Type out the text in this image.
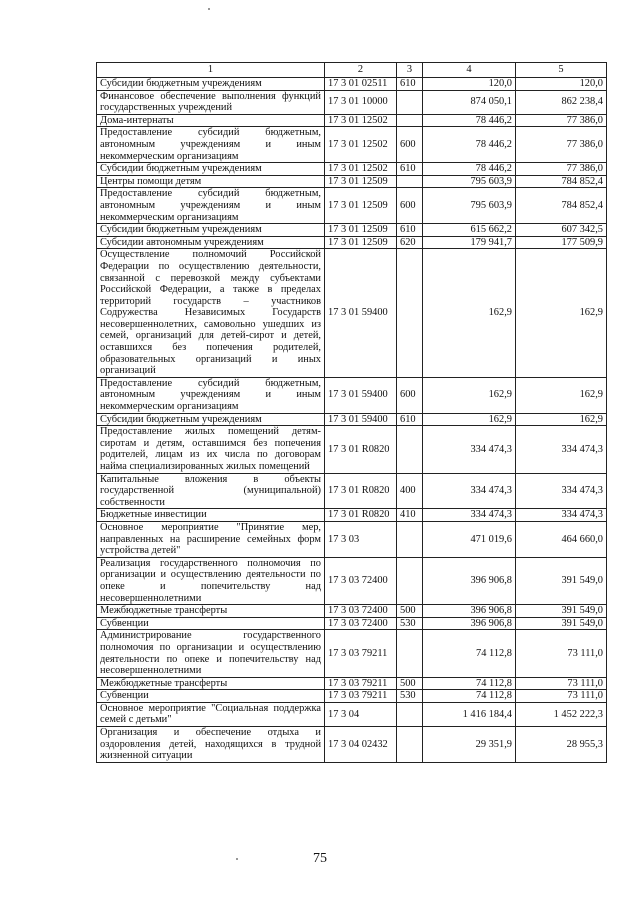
1	2	3	4	5
Субсидии бюджетным учреждениям	17 3 01 02511	610	120,0	120,0
Финансовое обеспечение выполнения функций государственных учреждений	17 3 01 10000		874 050,1	862 238,4
Дома-интернаты	17 3 01 12502		78 446,2	77 386,0
Предоставление субсидий бюджетным, автономным учреждениям и иным некоммерческим организациям	17 3 01 12502	600	78 446,2	77 386,0
Субсидии бюджетным учреждениям	17 3 01 12502	610	78 446,2	77 386,0
Центры помощи детям	17 3 01 12509		795 603,9	784 852,4
Предоставление субсидий бюджетным, автономным учреждениям и иным некоммерческим организациям	17 3 01 12509	600	795 603,9	784 852,4
Субсидии бюджетным учреждениям	17 3 01 12509	610	615 662,2	607 342,5
Субсидии автономным учреждениям	17 3 01 12509	620	179 941,7	177 509,9
Осуществление полномочий Российской Федерации по осуществлению деятельности, связанной с перевозкой между субъектами Российской Федерации, а также в пределах территорий государств – участников Содружества Независимых Государств несовершеннолетних, самовольно ушедших из семей, организаций для детей-сирот и детей, оставшихся без попечения родителей, образовательных организаций и иных организаций	17 3 01 59400		162,9	162,9
Предоставление субсидий бюджетным, автономным учреждениям и иным некоммерческим организациям	17 3 01 59400	600	162,9	162,9
Субсидии бюджетным учреждениям	17 3 01 59400	610	162,9	162,9
Предоставление жилых помещений детям-сиротам и детям, оставшимся без попечения родителей, лицам из их числа по договорам найма специализированных жилых помещений	17 3 01 R0820		334 474,3	334 474,3
Капитальные вложения в объекты государственной (муниципальной) собственности	17 3 01 R0820	400	334 474,3	334 474,3
Бюджетные инвестиции	17 3 01 R0820	410	334 474,3	334 474,3
Основное мероприятие "Принятие мер, направленных на расширение семейных форм устройства детей"	17 3 03		471 019,6	464 660,0
Реализация государственного полномочия по организации и осуществлению деятельности по опеке и попечительству над несовершеннолетними	17 3 03 72400		396 906,8	391 549,0
Межбюджетные трансферты	17 3 03 72400	500	396 906,8	391 549,0
Субвенции	17 3 03 72400	530	396 906,8	391 549,0
Администрирование государственного полномочия по организации и осуществлению деятельности по опеке и попечительству над несовершеннолетними	17 3 03 79211		74 112,8	73 111,0
Межбюджетные трансферты	17 3 03 79211	500	74 112,8	73 111,0
Субвенции	17 3 03 79211	530	74 112,8	73 111,0
Основное мероприятие "Социальная поддержка семей с детьми"	17 3 04		1 416 184,4	1 452 222,3
Организация и обеспечение отдыха и оздоровления детей, находящихся в трудной жизненной ситуации	17 3 04 02432		29 351,9	28 955,3
75
